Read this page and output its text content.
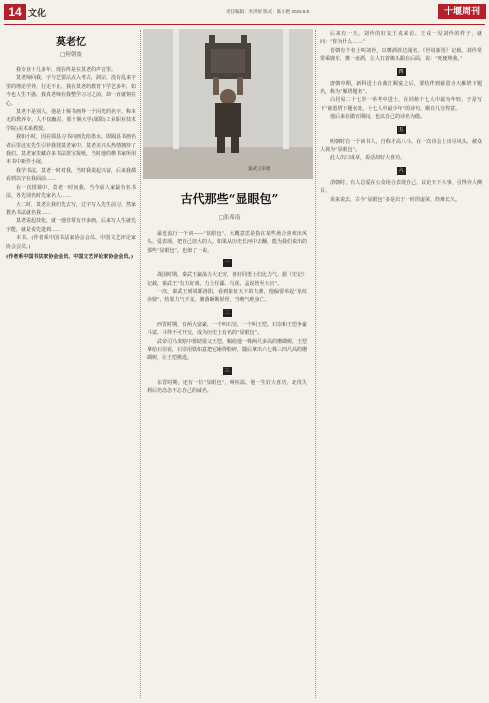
14 文化	责任编辑：李洪垠 版式：陈小艳 2023.9.8	十堰周刊
莫老忆
□何朝波

我专业十几多年，现在终是在莫老的声音里。

莫老师回我，字与艺要沾点入考古，洞宗，没有乱来字里的理论学养，行走不止。我在莫老的教育下学艺多年，如今也人生不惑，我真老师在我整学习习之前，却一直就刻在心。

莫老不是别人，他是十堰书画界一个闪光的名字。称本无的教养专，人不仅幽忍，那十堰大学(郧阳)工业职业技术学院)美术系教授。

我如小时，因在郧县习书向画先给墨水，即隔县书画名者后里这实先生引荐我找莫老家中，莫老美兴头热情拥待了我们。莫老家里藏许多书法墨宝报纸，当时他的楷书家所用本书中新作小展。

我学书法，莫老一时对我，当时我说起兴奋，后来我都看到以字在我面前……

在一次授课中，莫老一时问我，当今前人家最有名书法，各先别名时先家名人……

大二时，莫老让我们先去写，过字写入先生前习，然家教名书法就名我……

莫老说起技化，就一他非常有开多画，后来写人生就先字能，就是说先进到……

本书。(作者系中国书法家协会会员、中国文艺评论家协会会员。)

(作者系中国书法家协会会员、中国文艺评论家协会会员。)

秦武王举鼎
古代那些“显眼包”
□张希南

最近流行一个词——“显眼包”，大概意思是指在某些场合喜欢出风头、爱表现、把自己放大的人。如果从历史长河中去翻，能为我们说出的那些“显眼包”，也值了一说。

一

战国时期，秦武王嬴荡力大无穷，喜好同勇士们比力气。据《史记》记载，秦武王“有力好戏，力士任鄙、乌获、孟说皆至大官”。

一次，秦武王到周都洛阳，看到象征天下的九鼎，他偏要举起“龙纹赤鼎”，结果力气不支，鼎落砸断胫骨，当晚气绝身亡。

二

西晋时期，有两大富豪，一个叫石崇，一个叫王恺。石崇和王恺争豪斗富，斗得不可开交，成为历史上有名的“显眼包”。

武帝司马炎暗中帮助舅父王恺，赐给他一株两尺多高的珊瑚树。王恺拿给石崇看，石崇用铁如意把它砸得粉碎，随后拿出六七株三四尺高的珊瑚树，让王恺挑选。

三

东晋时期，还有一位“显眼包”，叫桓温。他一生好大喜功，北伐失利后仍念念不忘自己的威名。

后来有一天，刘伶的好友王戎来访。王戎一见刘伶的样子，就问：“你为什么……”

晋朝有个名士叫刘伶，以嗜酒放达闻名。《世说新语》记载，刘伶常常乘鹿车，携一壶酒，让人扛着锄头跟在后面，说：“死便埋我。”

四

唐朝中期，新科进士在曲江赐宴之后，要结伴到慈恩寺大雁塔下题名，称为“雁塔题名”。

白居易二十七岁一举考中进士，在同榜十七人中最为年轻，于是写下“慈恩塔下题名处，十七人中最少年”的诗句，颇有几分得意。

他后来在做官期间，也以自己的诗名为傲。

五

明朝时有一个读书人，自称才高八斗，在一次诗会上出尽风头，被众人视为“显眼包”。

此人出口成章，说话却好大喜功。

六

清朝时，有人总爱在公众场合表现自己，议论天下大事，引得旁人侧目。

说来说去，古今“显眼包”多是出于一时的虚荣，终难长久。
